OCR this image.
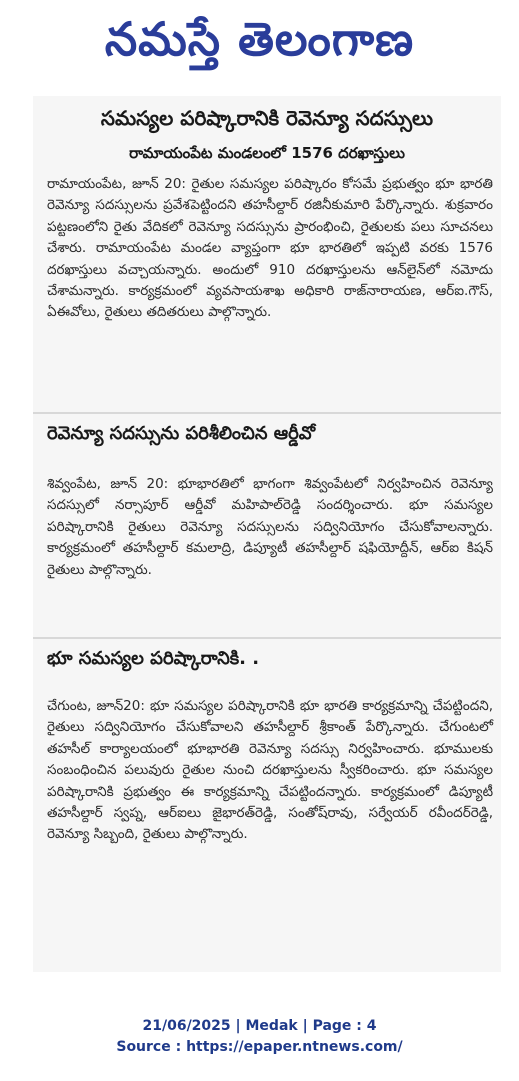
నమస్తే తెలంగాణ
సమస్యల పరిష్కారానికి రెవెన్యూ సదస్సులు
రామాయంపేట మండలంలో 1576 దరఖాస్తులు
రామాయంపేట, జూన్ 20: రైతుల సమస్యల పరిష్కారం కోసమే ప్రభుత్వం భూ భారతి రెవెన్యూ సదస్సులను ప్రవేశపెట్టిందని తహసీల్దార్ రజినీకుమారి పేర్కొన్నారు. శుక్రవారం పట్టణంలోని రైతు వేదికలో రెవెన్యూ సదస్సును ప్రారంభించి, రైతులకు పలు సూచనలు చేశారు. రామాయంపేట మండల వ్యాప్తంగా భూ భారతిలో ఇప్పటి వరకు 1576 దరఖాస్తులు వచ్చాయన్నారు. అందులో 910 దరఖాస్తులను ఆన్‌లైన్‌లో నమోదు చేశామన్నారు. కార్యక్రమంలో వ్యవసాయశాఖ అధికారి రాజ్‌నారాయణ, ఆర్ఐ.గౌస్, ఏఈవోలు, రైతులు తదితరులు పాల్గొన్నారు.
రెవెన్యూ సదస్సును పరిశీలించిన ఆర్డీవో
శివ్వంపేట, జూన్ 20: భూభారతిలో భాగంగా శివ్వంపేటలో నిర్వహించిన రెవెన్యూ సదస్సులో నర్సాపూర్ ఆర్డీవో మహిపాల్‌రెడ్డి సందర్శించారు. భూ సమస్యల పరిష్కారానికి రైతులు రెవెన్యూ సదస్సులను సద్వినియోగం చేసుకోవాలన్నారు. కార్యక్రమంలో తహసీల్దార్ కమలాద్రి, డిప్యూటీ తహసీల్దార్ షఫియోద్దీన్, ఆర్ఐ కిషన్ రైతులు పాల్గొన్నారు.
భూ సమస్యల పరిష్కారానికి. .
చేగుంట, జూన్20: భూ సమస్యల పరిష్కారానికి భూ భారతి కార్యక్రమాన్ని చేపట్టిందని, రైతులు సద్వినియోగం చేసుకోవాలని తహసీల్దార్ శ్రీకాంత్ పేర్కొన్నారు. చేగుంటలో తహసీల్ కార్యాలయంలో భూభారతి రెవెన్యూ సదస్సు నిర్వహించారు. భూములకు సంబంధించిన పలువురు రైతుల నుంచి దరఖాస్తులను స్వీకరించారు. భూ సమస్యల పరిష్కారానికి ప్రభుత్వం ఈ కార్యక్రమాన్ని చేపట్టిందన్నారు. కార్యక్రమంలో డిప్యూటీ తహసీల్దార్ స్వప్న, ఆర్ఐలు జైభారత్‌రెడ్డి, సంతోష్‌రావు, సర్వేయర్ రవీందర్‌రెడ్డి, రెవెన్యూ సిబ్బంది, రైతులు పాల్గొన్నారు.
21/06/2025 | Medak | Page : 4
Source : https://epaper.ntnews.com/
